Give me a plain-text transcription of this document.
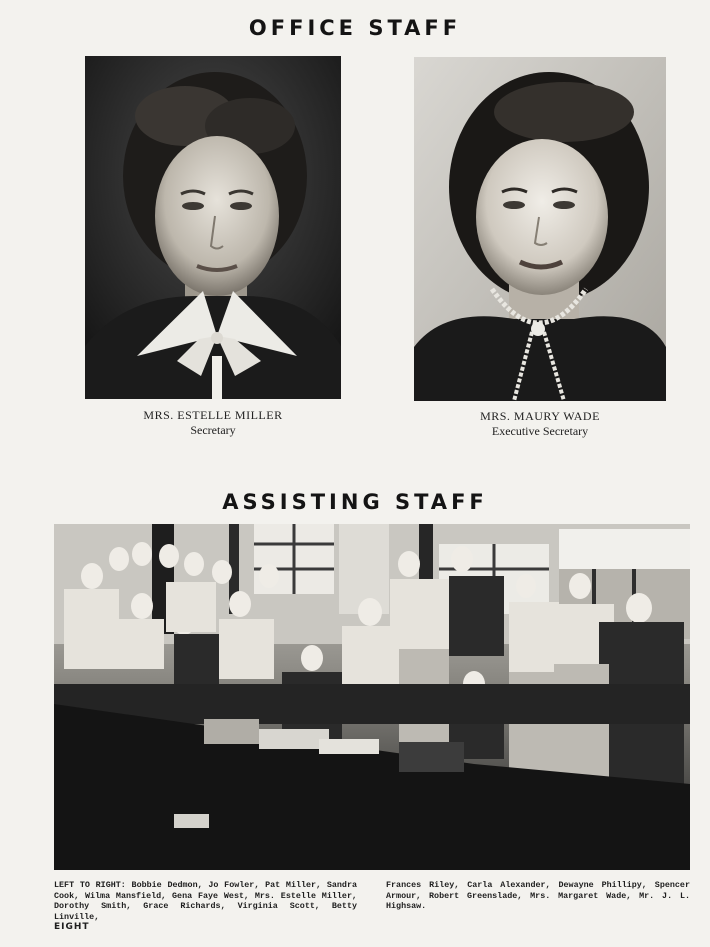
OFFICE STAFF
MRS. ESTELLE MILLER
Secretary
MRS. MAURY WADE
Executive Secretary
ASSISTING STAFF
LEFT TO RIGHT: Bobbie Dedmon, Jo Fowler, Pat Miller, Sandra Cook, Wilma Mansfield, Gena Faye West, Mrs. Estelle Miller, Dorothy Smith, Grace Richards, Virginia Scott, Betty Linville,
Frances Riley, Carla Alexander, Dewayne Phillipy, Spencer Armour, Robert Greenslade, Mrs. Margaret Wade, Mr. J. L. Highsaw.
EIGHT
